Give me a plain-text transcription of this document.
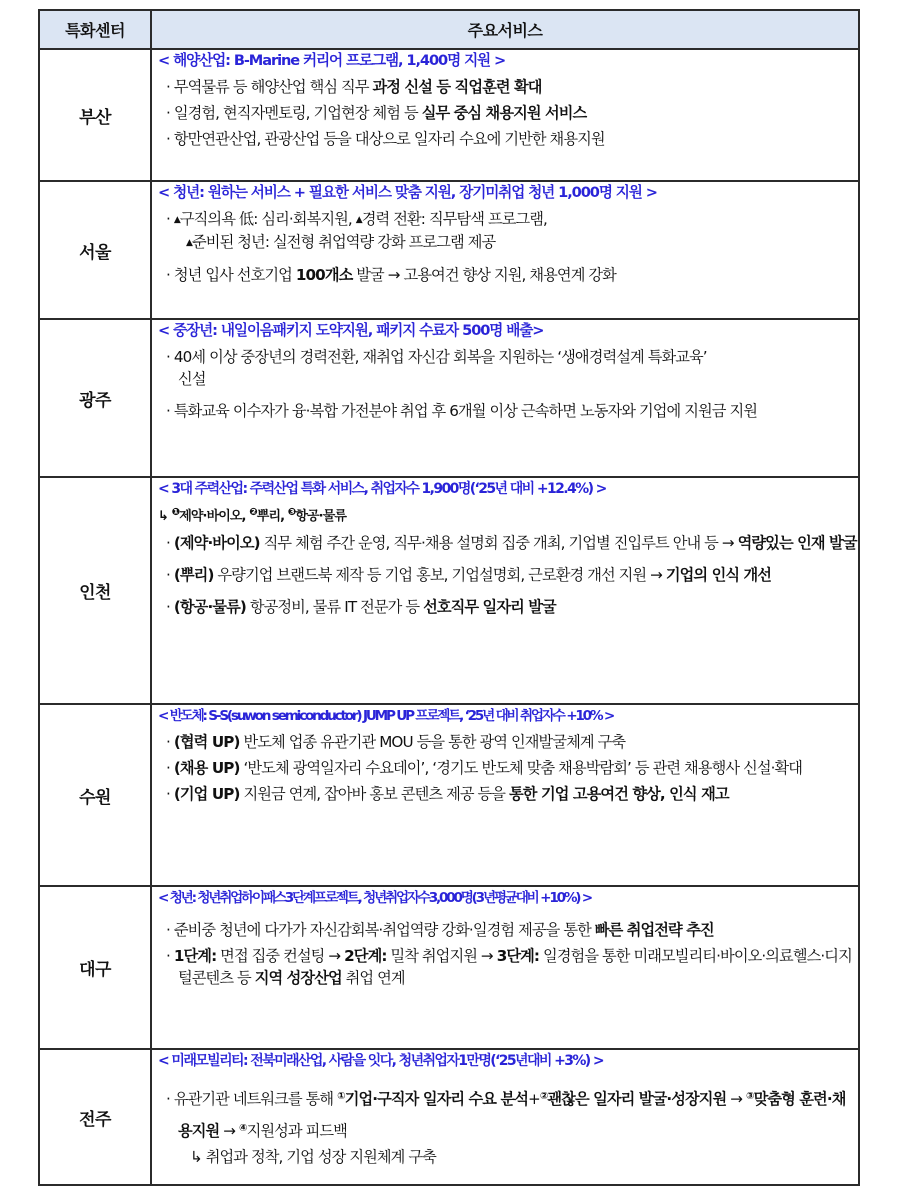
특화센터	주요서비스
부산	< 해양산업: B-Marine 커리어 프로그램, 1,400명 지원 >
· 무역물류 등 해양산업 핵심 직무 과정 신설 등 직업훈련 확대
· 일경험, 현직자멘토링, 기업현장 체험 등 실무 중심 채용지원 서비스
· 항만연관산업, 관광산업 등을 대상으로 일자리 수요에 기반한 채용지원

서울	< 청년: 원하는 서비스 + 필요한 서비스 맞춤 지원, 장기미취업 청년 1,000명 지원 >
· ▲구직의욕 低: 심리·회복지원, ▲경력 전환: 직무탐색 프로그램,
▲준비된 청년: 실전형 취업역량 강화 프로그램 제공
· 청년 입사 선호기업 100개소 발굴 → 고용여건 향상 지원, 채용연계 강화

광주	< 중장년: 내일이음패키지 도약지원, 패키지 수료자 500명 배출>
· 40세 이상 중장년의 경력전환, 재취업 자신감 회복을 지원하는 ‘생애경력설계 특화교육’ 신설
· 특화교육 이수자가 융·복합 가전분야 취업 후 6개월 이상 근속하면 노동자와 기업에 지원금 지원

인천	< 3대 주력산업: 주력산업 특화 서비스, 취업자수 1,900명(‘25년 대비 +12.4%) >
↳ $^❶$제약·바이오, $^❷$뿌리, $^❸$항공·물류
· (제약·바이오) 직무 체험 주간 운영, 직무·채용 설명회 집중 개최, 기업별 진입루트 안내 등 → 역량있는 인재 발굴
· (뿌리) 우량기업 브랜드북 제작 등 기업 홍보, 기업설명회, 근로환경 개선 지원 → 기업의 인식 개선
· (항공·물류) 항공정비, 물류 IT 전문가 등 선호직무 일자리 발굴

수원	< 반도체: S-S(suwon semiconductor) JUMP UP 프로젝트, ‘25년 대비 취업자수 +10% >
· (협력 UP) 반도체 업종 유관기관 MOU 등을 통한 광역 인재발굴체계 구축
· (채용 UP) ‘반도체 광역일자리 수요데이’, ‘경기도 반도체 맞춤 채용박람회’ 등 관련 채용행사 신설·확대
· (기업 UP) 지원금 연계, 잡아바 홍보 콘텐츠 제공 등을 통한 기업 고용여건 향상, 인식 재고

대구	< 청년: 청년취업하이패스3단계프로젝트, 청년취업자수3,000명(3년평균대비 +10%) >
· 준비중 청년에 다가가 자신감회복·취업역량 강화·일경험 제공을 통한 빠른 취업전략 추진
· 1단계: 면접 집중 컨설팅 → 2단계: 밀착 취업지원 → 3단계: 일경험을 통한 미래모빌리티·바이오·의료헬스·디지털콘텐츠 등 지역 성장산업 취업 연계

전주	< 미래모빌리티: 전북미래산업, 사람을 잇다, 청년취업자1만명(‘25년대비 +3%) >
· 유관기관 네트워크를 통해 ①기업·구직자 일자리 수요 분석+②괜찮은 일자리 발굴·성장지원 → ③맞춤형 훈련·채용지원 → ④지원성과 피드백
↳ 취업과 정착, 기업 성장 지원체계 구축
